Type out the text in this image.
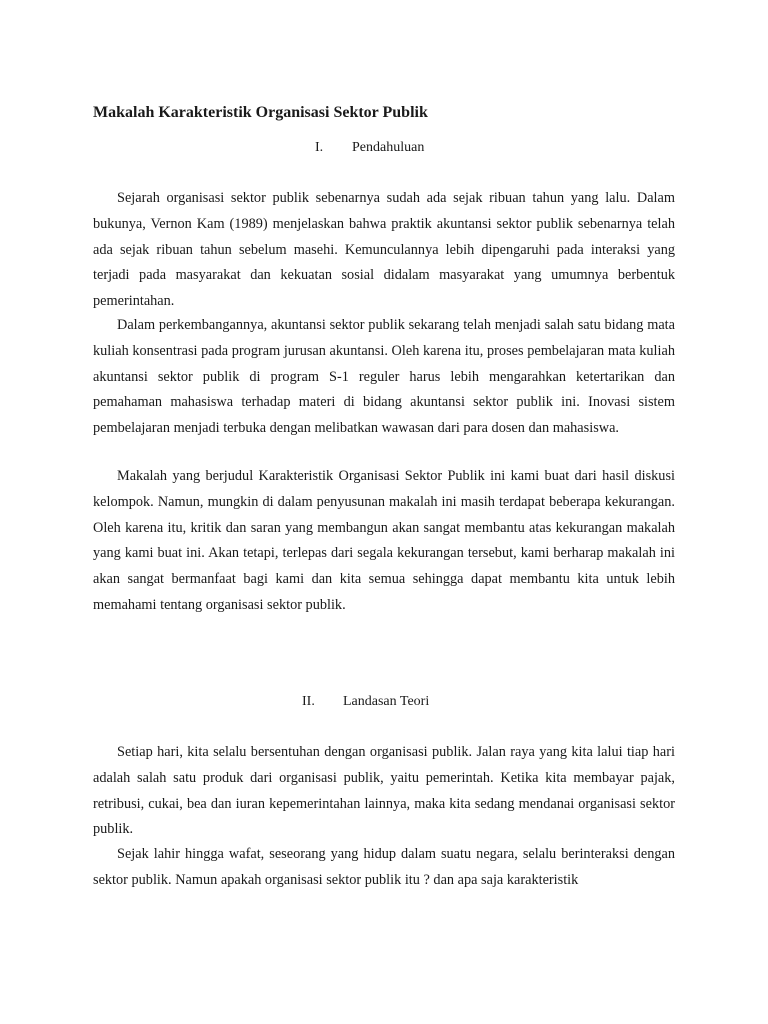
Makalah Karakteristik Organisasi Sektor Publik
I. Pendahuluan

Sejarah organisasi sektor publik sebenarnya sudah ada sejak ribuan tahun yang lalu. Dalam bukunya, Vernon Kam (1989) menjelaskan bahwa praktik akuntansi sektor publik sebenarnya telah ada sejak ribuan tahun sebelum masehi. Kemunculannya lebih dipengaruhi pada interaksi yang terjadi pada masyarakat dan kekuatan sosial didalam masyarakat yang umumnya berbentuk pemerintahan.

Dalam perkembangannya, akuntansi sektor publik sekarang telah menjadi salah satu bidang mata kuliah konsentrasi pada program jurusan akuntansi. Oleh karena itu, proses pembelajaran mata kuliah akuntansi sektor publik di program S-1 reguler harus lebih mengarahkan ketertarikan dan pemahaman mahasiswa terhadap materi di bidang akuntansi sektor publik ini. Inovasi sistem pembelajaran menjadi terbuka dengan melibatkan wawasan dari para dosen dan mahasiswa.

Makalah yang berjudul Karakteristik Organisasi Sektor Publik ini kami buat dari hasil diskusi kelompok. Namun, mungkin di dalam penyusunan makalah ini masih terdapat beberapa kekurangan. Oleh karena itu, kritik dan saran yang membangun akan sangat membantu atas kekurangan makalah yang kami buat ini. Akan tetapi, terlepas dari segala kekurangan tersebut, kami berharap makalah ini akan sangat bermanfaat bagi kami dan kita semua sehingga dapat membantu kita untuk lebih memahami tentang organisasi sektor publik.

II. Landasan Teori

Setiap hari, kita selalu bersentuhan dengan organisasi publik. Jalan raya yang kita lalui tiap hari adalah salah satu produk dari organisasi publik, yaitu pemerintah. Ketika kita membayar pajak, retribusi, cukai, bea dan iuran kepemerintahan lainnya, maka kita sedang mendanai organisasi sektor publik.

Sejak lahir hingga wafat, seseorang yang hidup dalam suatu negara, selalu berinteraksi dengan sektor publik. Namun apakah organisasi sektor publik itu ? dan apa saja karakteristik
